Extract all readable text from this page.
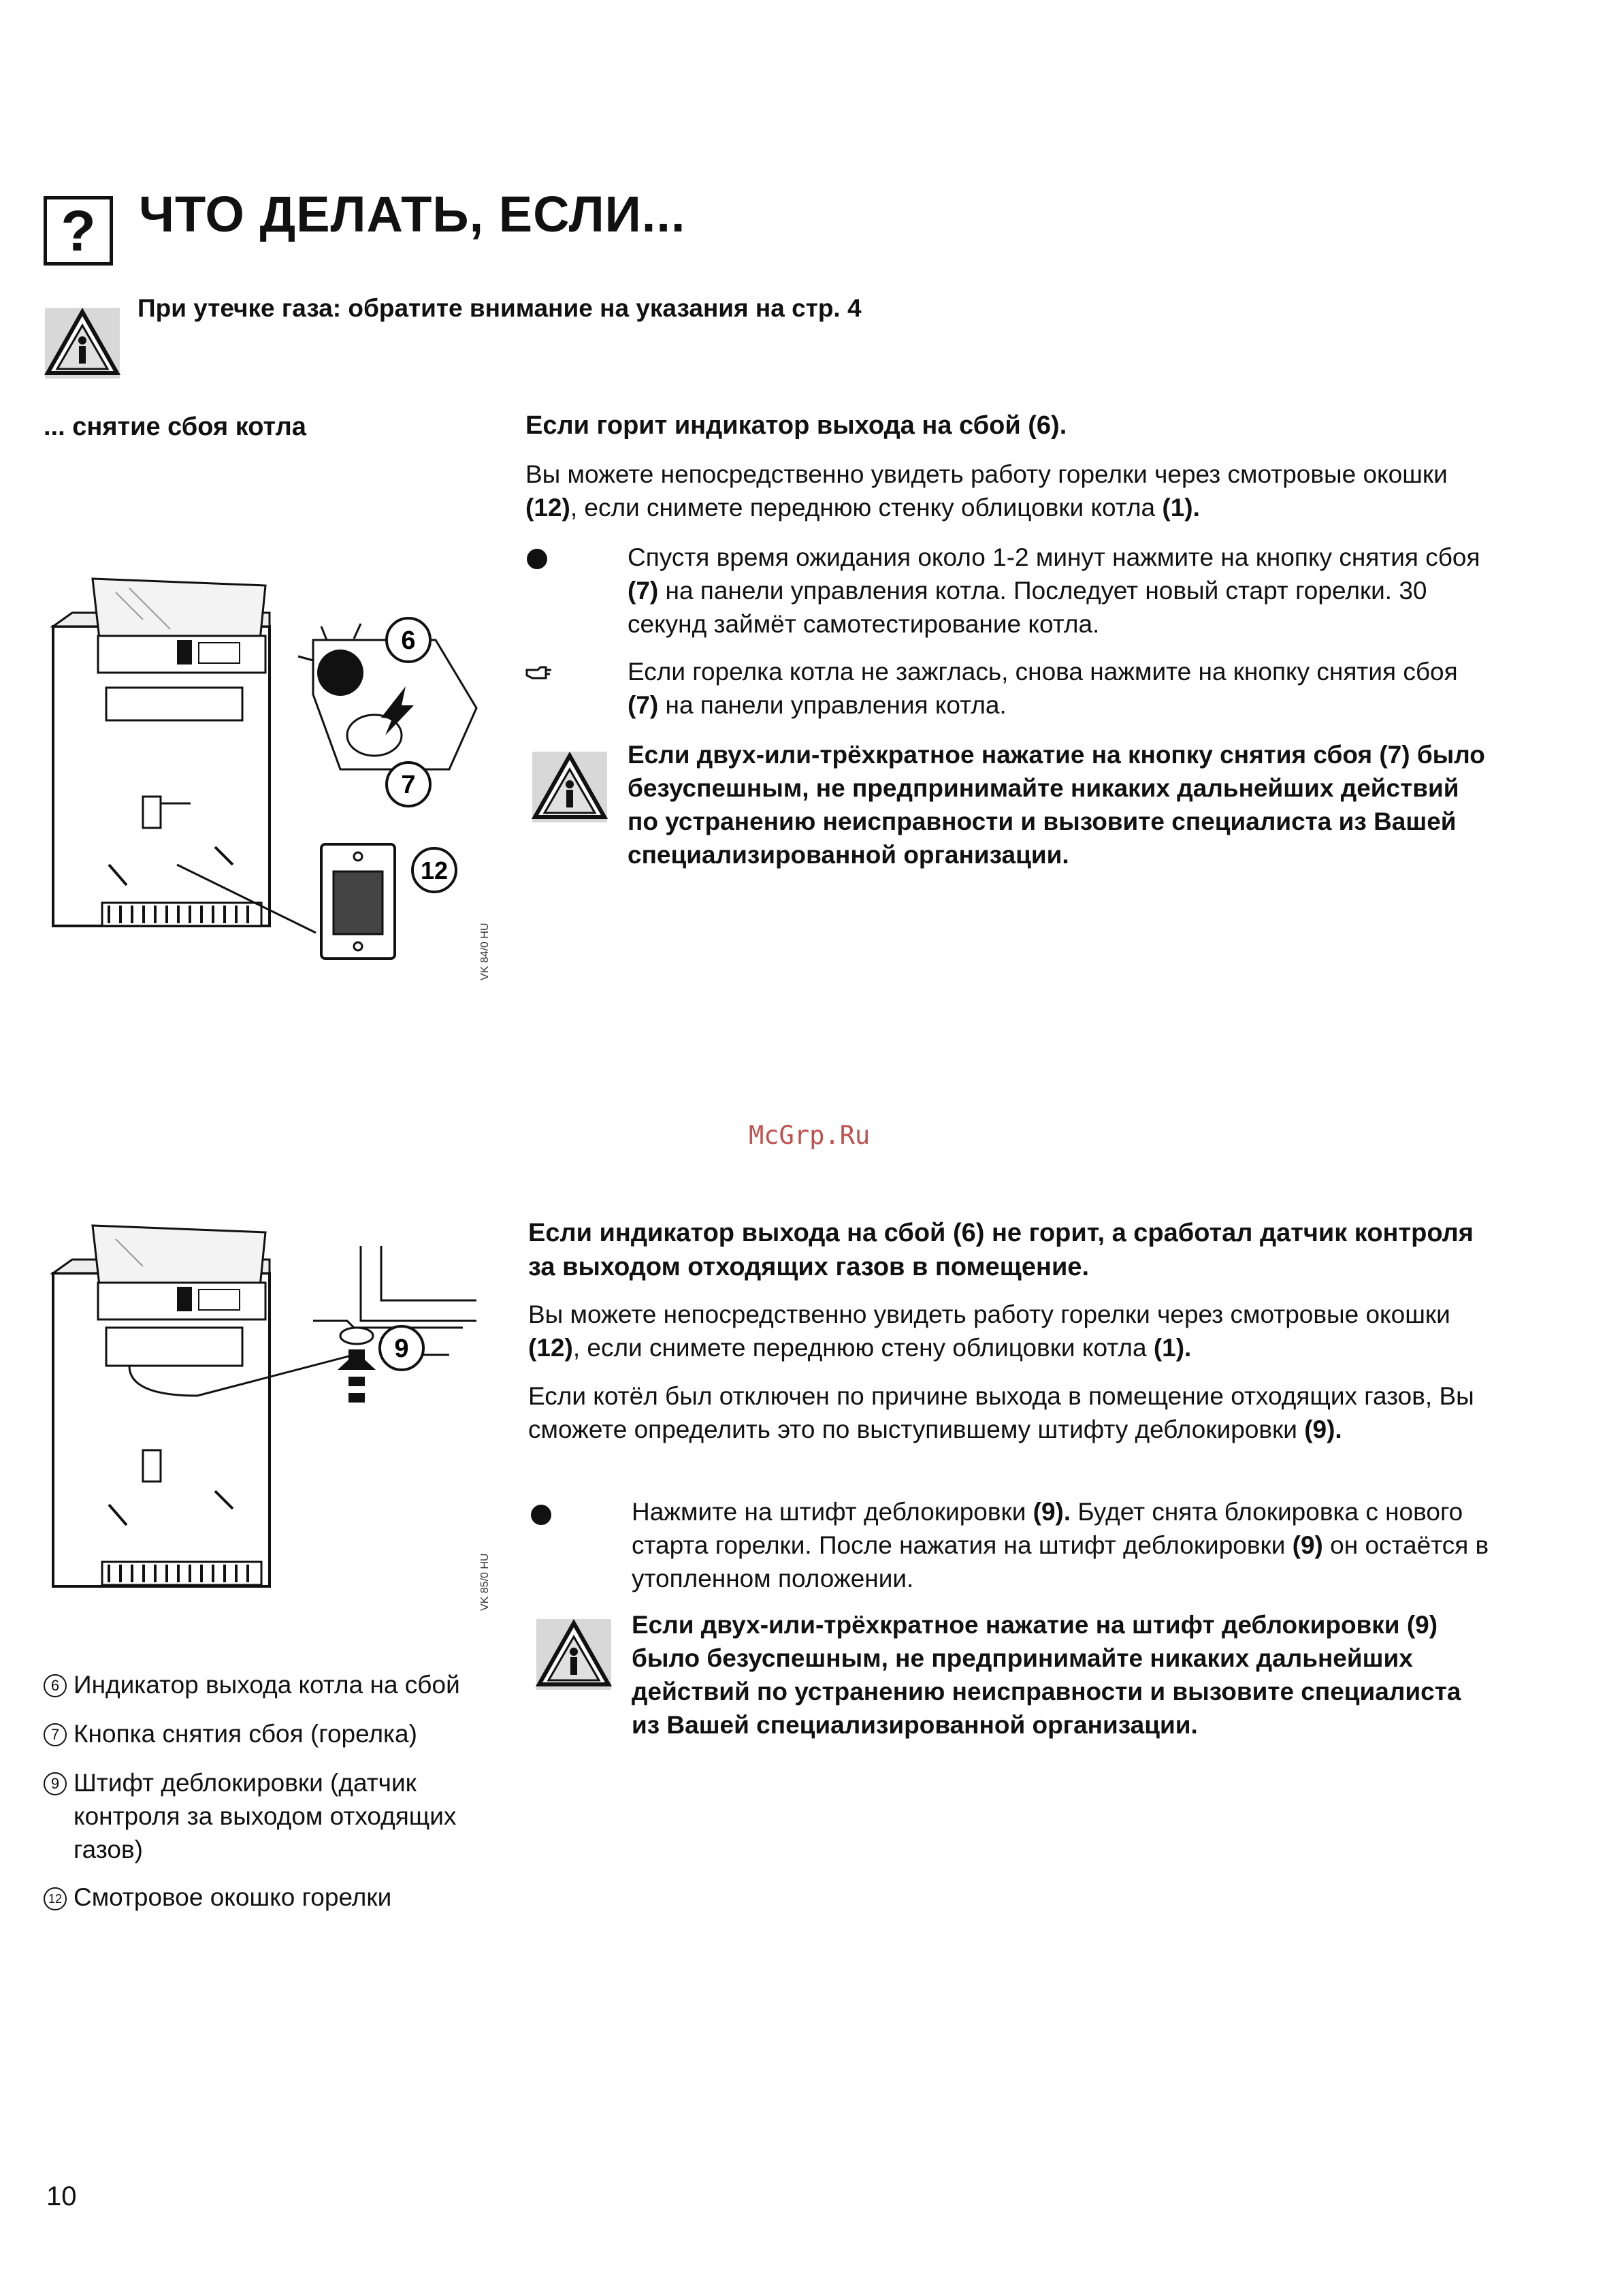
? ЧТО ДЕЛАТЬ, ЕСЛИ...
При утечке газа: обратите внимание на указания на стр. 4
... снятие сбоя котла	Если горит индикатор выхода на сбой (6).
Вы можете непосредственно увидеть работу горелки через смотровые окошки (12), если снимете переднюю стенку облицовки котла (1).
Спустя время ожидания около 1-2 минут нажмите на кнопку снятия сбоя (7) на панели управления котла. Последует новый старт горелки. 30 секунд займёт самотестирование котла.
Если горелка котла не зажглась, снова нажмите на кнопку снятия сбоя (7) на панели управления котла.
Если двух-или-трёхкратное нажатие на кнопку снятия сбоя (7) было безуспешным, не предпринимайте никаких дальнейших действий по устранению неисправности и вызовите специалиста из Вашей специализированной организации.
6
7
12
VK 84/0 HU
McGrp.Ru
Если индикатор выхода на сбой (6) не горит, а сработал датчик контроля за выходом отходящих газов в помещение.
Вы можете непосредственно увидеть работу горелки через смотровые окошки (12), если снимете переднюю стену облицовки котла (1).
Если котёл был отключен по причине выхода в помещение отходящих газов, Вы сможете определить это по выступившему штифту деблокировки (9).
Нажмите на штифт деблокировки (9). Будет снята блокировка с нового старта горелки. После нажатия на штифт деблокировки (9) он остаётся в утопленном положении.
Если двух-или-трёхкратное нажатие на штифт деблокировки (9) было безуспешным, не предпринимайте никаких дальнейших действий по устранению неисправности и вызовите специалиста из Вашей специализированной организации.
9
VK 85/0 HU
6 Индикатор выхода котла на сбой
7 Кнопка снятия сбоя (горелка)
9 Штифт деблокировки (датчик контроля за выходом отходящих газов)
12 Смотровое окошко горелки
10
